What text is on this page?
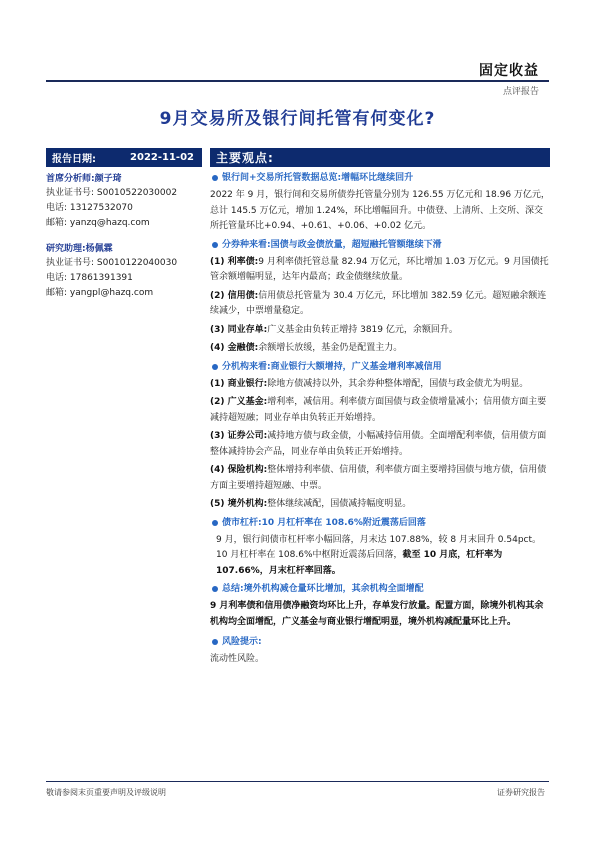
固定收益
点评报告
9月交易所及银行间托管有何变化?
报告日期:	2022-11-02
首席分析师:颜子琦
执业证书号: S0010522030002
电话: 13127532070
邮箱: yanzq@hazq.com
研究助理:杨佩霖
执业证书号: S0010122040030
电话: 17861391391
邮箱: yangpl@hazq.com
主要观点:
银行间+交易所托管数据总览:增幅环比继续回升
2022 年 9 月，银行间和交易所债券托管量分别为 126.55 万亿元和 18.96 万亿元，总计 145.5 万亿元，增加 1.24%，环比增幅回升。中债登、上清所、上交所、深交所托管量环比+0.94、+0.61、+0.06、+0.02 亿元。
分券种来看:国债与政金债放量，超短融托管额继续下滑
(1) 利率债:9 月利率债托管总量 82.94 万亿元，环比增加 1.03 万亿元。9 月国债托管余额增幅明显，达年内最高；政金债继续放量。
(2) 信用债:信用债总托管量为 30.4 万亿元，环比增加 382.59 亿元。超短融余额连续减少，中票增量稳定。
(3) 同业存单:广义基金由负转正增持 3819 亿元，余额回升。
(4) 金融债:余额增长放缓，基金仍是配置主力。
分机构来看:商业银行大额增持，广义基金增利率减信用
(1) 商业银行:除地方债减持以外，其余券种整体增配，国债与政金债尤为明显。
(2) 广义基金:增利率，减信用。利率债方面国债与政金债增量减小；信用债方面主要减持超短融；同业存单由负转正开始增持。
(3) 证券公司:减持地方债与政金债，小幅减持信用债。全面增配利率债，信用债方面整体减持协会产品，同业存单由负转正开始增持。
(4) 保险机构:整体增持利率债、信用债，利率债方面主要增持国债与地方债，信用债方面主要增持超短融、中票。
(5) 境外机构:整体继续减配，国债减持幅度明显。
债市杠杆:10 月杠杆率在 108.6%附近震荡后回落
9 月，银行间债市杠杆率小幅回落，月末达 107.88%，较 8 月末回升 0.54pct。10 月杠杆率在 108.6%中枢附近震荡后回落，截至 10 月底，杠杆率为 107.66%，月末杠杆率回落。
总结:境外机构减仓量环比增加，其余机构全面增配
9 月利率债和信用债净融资均环比上升，存单发行放量。配置方面，除境外机构其余机构均全面增配，广义基金与商业银行增配明显，境外机构减配量环比上升。
风险提示:
流动性风险。
敬请参阅末页重要声明及评级说明	证券研究报告
